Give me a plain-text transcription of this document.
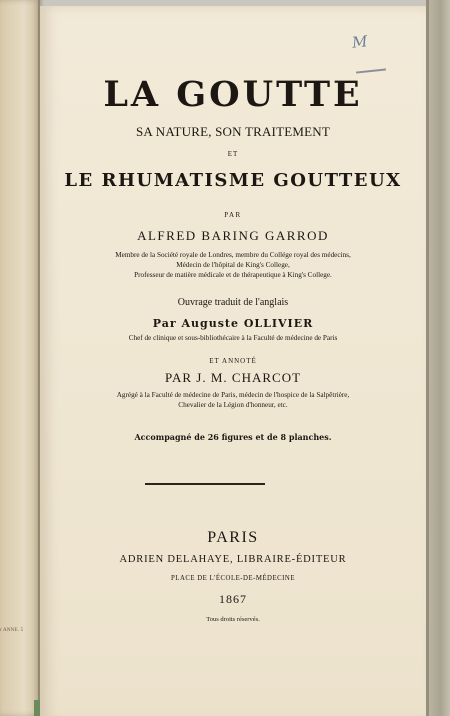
r ANNE. 5
M
LA GOUTTE
SA NATURE, SON TRAITEMENT
ET
LE RHUMATISME GOUTTEUX
PAR
ALFRED BARING GARROD
Membre de la Société royale de Londres, membre du Collége royal des médecins,
Médecin de l'hôpital de King's College,
Professeur de matière médicale et de thérapeutique à King's College.
Ouvrage traduit de l'anglais
Par Auguste OLLIVIER
Chef de clinique et sous-bibliothécaire à la Faculté de médecine de Paris
ET ANNOTÉ
PAR J. M. CHARCOT
Agrégé à la Faculté de médecine de Paris, médecin de l'hospice de la Salpêtrière,
Chevalier de la Légion d'honneur, etc.
Accompagné de 26 figures et de 8 planches.
PARIS
ADRIEN DELAHAYE, LIBRAIRE-ÉDITEUR
PLACE DE L'ÉCOLE-DE-MÉDECINE
1867
Tous droits réservés.
